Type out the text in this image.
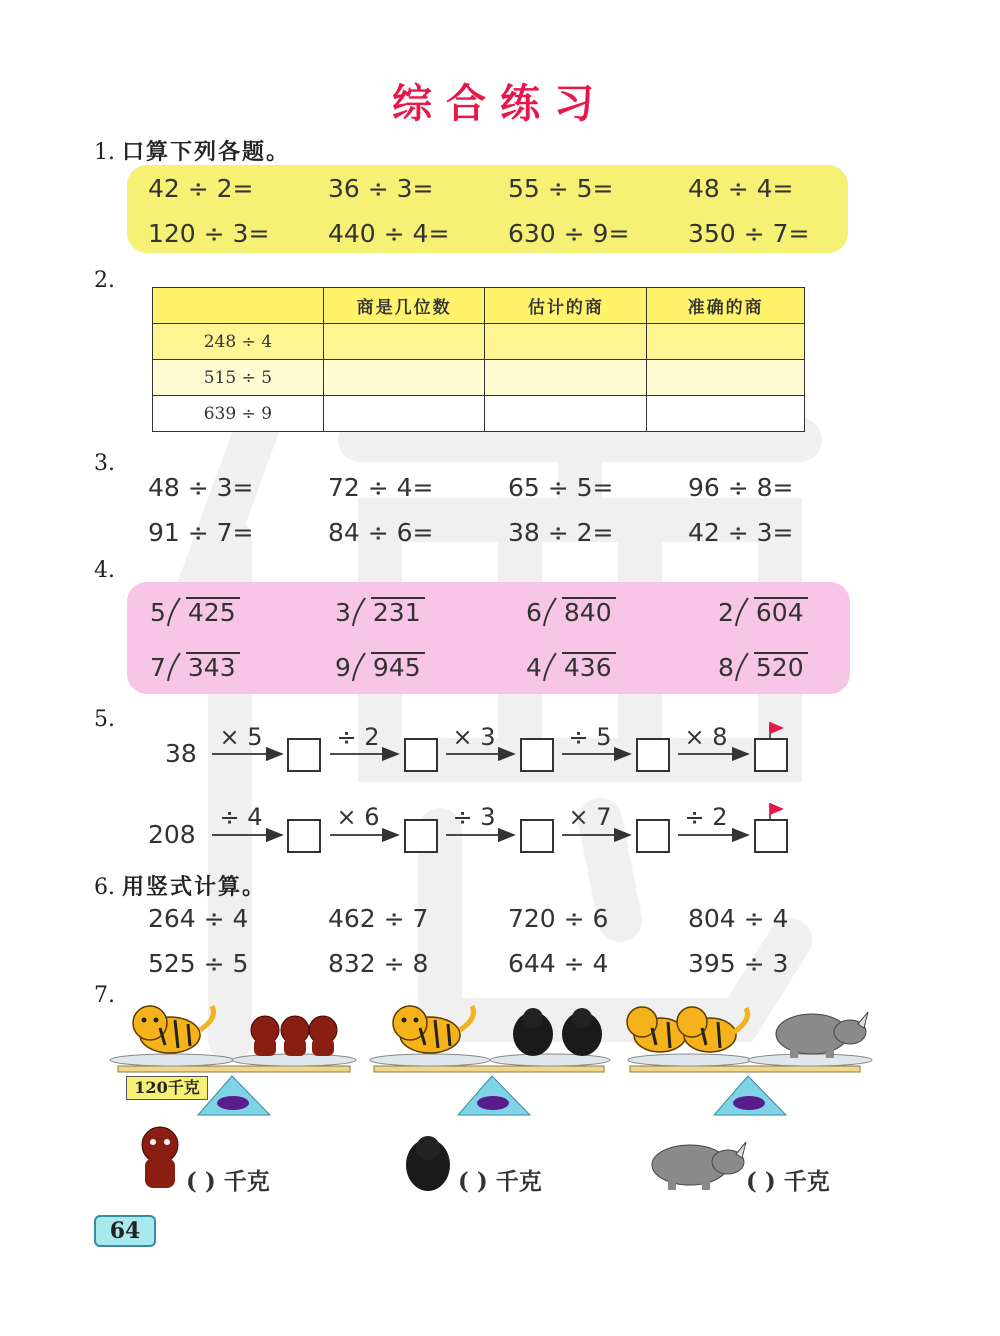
综合练习
1. 口算下列各题。
42 ÷ 2=	36 ÷ 3=	55 ÷ 5=	48 ÷ 4=
120 ÷ 3= 440 ÷ 4= 630 ÷ 9= 350 ÷ 7=
2.
	商是几位数	估计的商	准确的商
248 ÷ 4			
515 ÷ 5			
639 ÷ 9			
3.
48 ÷ 3=	72 ÷ 4=	65 ÷ 5=	96 ÷ 8=
91 ÷ 7=	84 ÷ 6=	38 ÷ 2=	42 ÷ 3=
4.
5 425	3 231	6 840	2 604
7 343	9 945	4 436	8 520
5.
38
208
× 5	÷ 2	× 3	÷ 5	× 8
÷ 4	× 6	÷ 3	× 7	÷ 2
6. 用竖式计算。
264 ÷ 4	462 ÷ 7	720 ÷ 6	804 ÷ 4
525 ÷ 5	832 ÷ 8	644 ÷ 4	395 ÷ 3
7.
120千克
( ) 千克	( ) 千克	( ) 千克
64
